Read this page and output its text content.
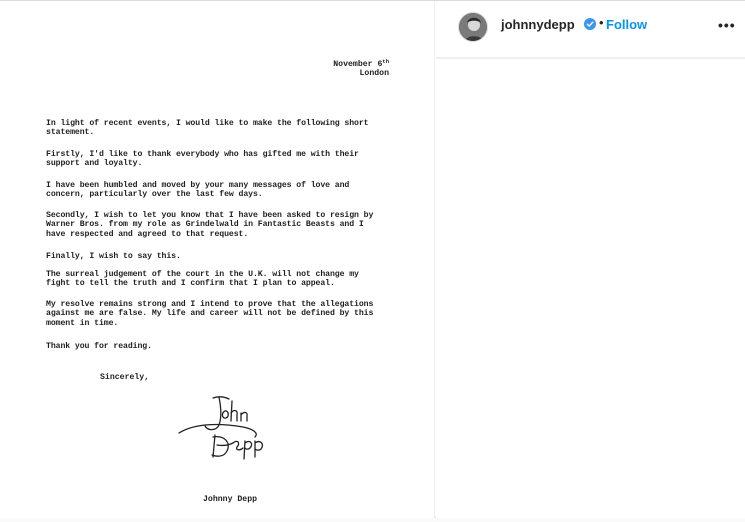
November 6th
London
In light of recent events, I would like to make the following short
statement.
Firstly, I'd like to thank everybody who has gifted me with their
support and loyalty.
I have been humbled and moved by your many messages of love and
concern, particularly over the last few days.
Secondly, I wish to let you know that I have been asked to resign by
Warner Bros. from my role as Grindelwald in Fantastic Beasts and I
have respected and agreed to that request.
Finally, I wish to say this.
The surreal judgement of the court in the U.K. will not change my
fight to tell the truth and I confirm that I plan to appeal.
My resolve remains strong and I intend to prove that the allegations
against me are false. My life and career will not be defined by this
moment in time.
Thank you for reading.
Sincerely,
Johnny Depp
johnnydepp • Follow	•••
